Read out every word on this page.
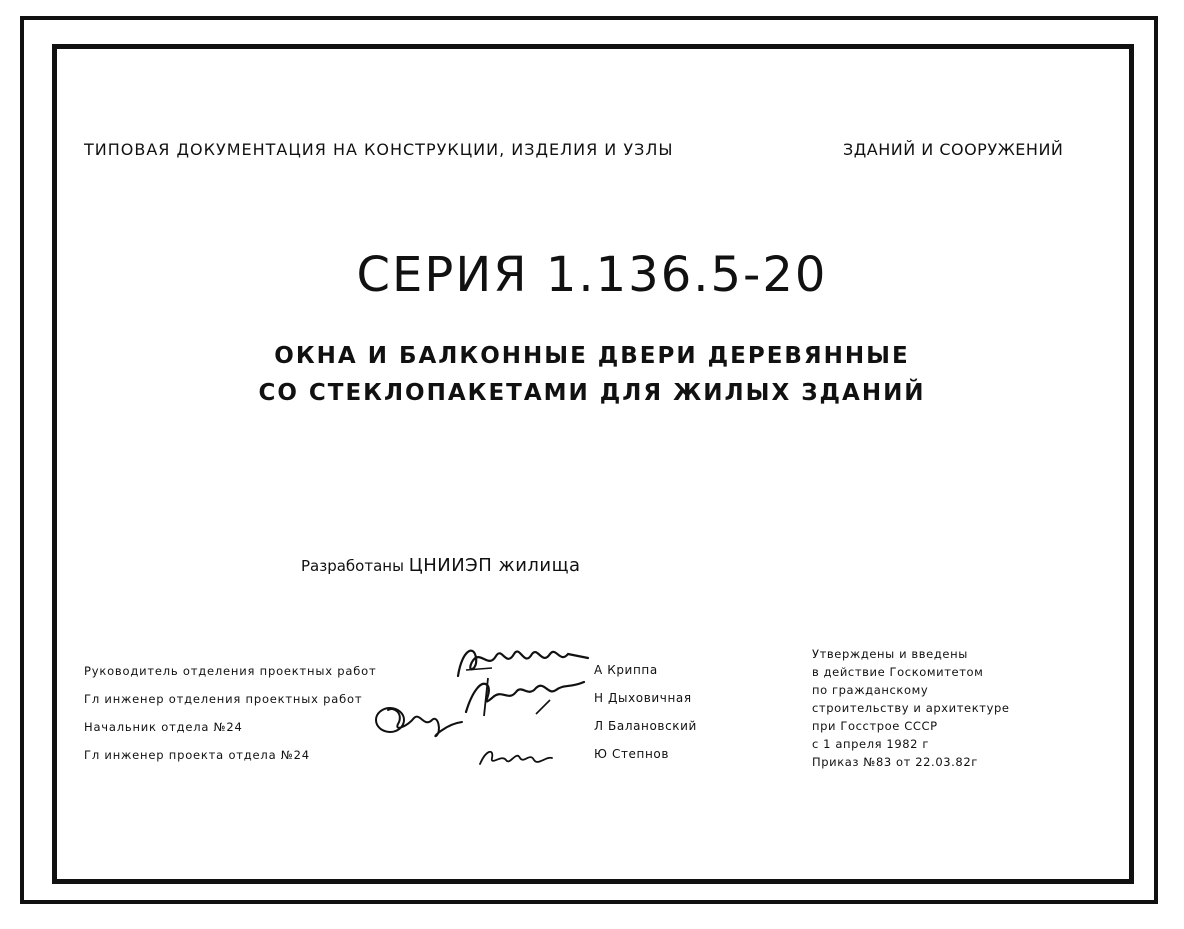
ТИПОВАЯ ДОКУМЕНТАЦИЯ НА КОНСТРУКЦИИ, ИЗДЕЛИЯ И УЗЛЫ	ЗДАНИЙ И СООРУЖЕНИЙ
СЕРИЯ 1.136.5-20
ОКНА И БАЛКОННЫЕ ДВЕРИ ДЕРЕВЯННЫЕ
СО СТЕКЛОПАКЕТАМИ ДЛЯ ЖИЛЫХ ЗДАНИЙ
Разработаны ЦНИИЭП жилища
Руководитель отделения проектных работ
Гл инженер отделения проектных работ
Начальник отдела №24
Гл инженер проекта отдела №24
А Криппа
Н Дыховичная
Л Балановский
Ю Степнов
Утверждены и введены
в действие Госкомитетом
по гражданскому
строительству и архитектуре
при Госстрое СССР
с 1 апреля 1982 г
Приказ №83 от 22.03.82г
